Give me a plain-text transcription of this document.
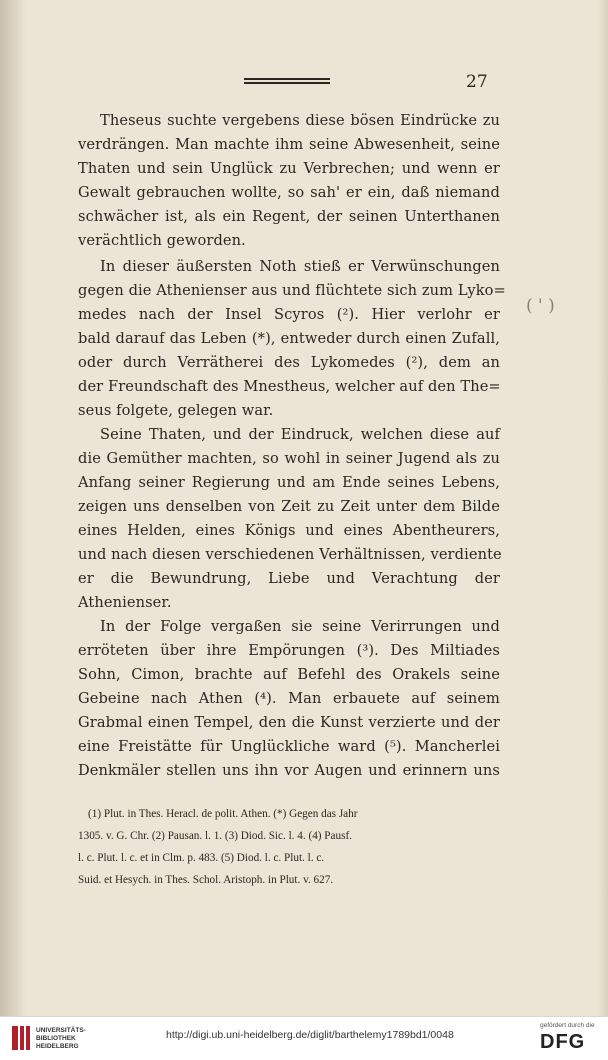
27
( ' )
Theseus suchte vergebens diese bösen Eindrücke zu
verdrängen. Man machte ihm seine Abwesenheit, seine
Thaten und sein Unglück zu Verbrechen; und wenn er
Gewalt gebrauchen wollte, so sah' er ein, daß niemand
schwächer ist, als ein Regent, der seinen Unterthanen
verächtlich geworden.
In dieser äußersten Noth stieß er Verwünschungen
gegen die Athenienser aus und flüchtete sich zum Lyko=
medes nach der Insel Scyros (²). Hier verlohr er
bald darauf das Leben (*), entweder durch einen Zufall,
oder durch Verrätherei des Lykomedes (²), dem an
der Freundschaft des Mnestheus, welcher auf den The=
seus folgete, gelegen war.
Seine Thaten, und der Eindruck, welchen diese auf
die Gemüther machten, so wohl in seiner Jugend als zu
Anfang seiner Regierung und am Ende seines Lebens,
zeigen uns denselben von Zeit zu Zeit unter dem Bilde
eines Helden, eines Königs und eines Abentheurers,
und nach diesen verschiedenen Verhältnissen, verdiente
er die Bewundrung, Liebe und Verachtung der
Athenienser.
In der Folge vergaßen sie seine Verirrungen und
erröteten über ihre Empörungen (³). Des Miltiades
Sohn, Cimon, brachte auf Befehl des Orakels seine
Gebeine nach Athen (⁴). Man erbauete auf seinem
Grabmal einen Tempel, den die Kunst verzierte und der
eine Freistätte für Unglückliche ward (⁵). Mancherlei
Denkmäler stellen uns ihn vor Augen und erinnern uns
(1) Plut. in Thes. Heracl. de polit. Athen. (*) Gegen das Jahr
1305. v. G. Chr. (2) Pausan. l. 1. (3) Diod. Sic. l. 4. (4) Pausf.
l. c. Plut. l. c. et in Clm. p. 483. (5) Diod. l. c. Plut. l. c.
Suid. et Hesych. in Thes. Schol. Aristoph. in Plut. v. 627.
UNIVERSITÄTS-
BIBLIOTHEK
HEIDELBERG
http://digi.ub.uni-heidelberg.de/diglit/barthelemy1789bd1/0048
gefördert durch die
DFG
